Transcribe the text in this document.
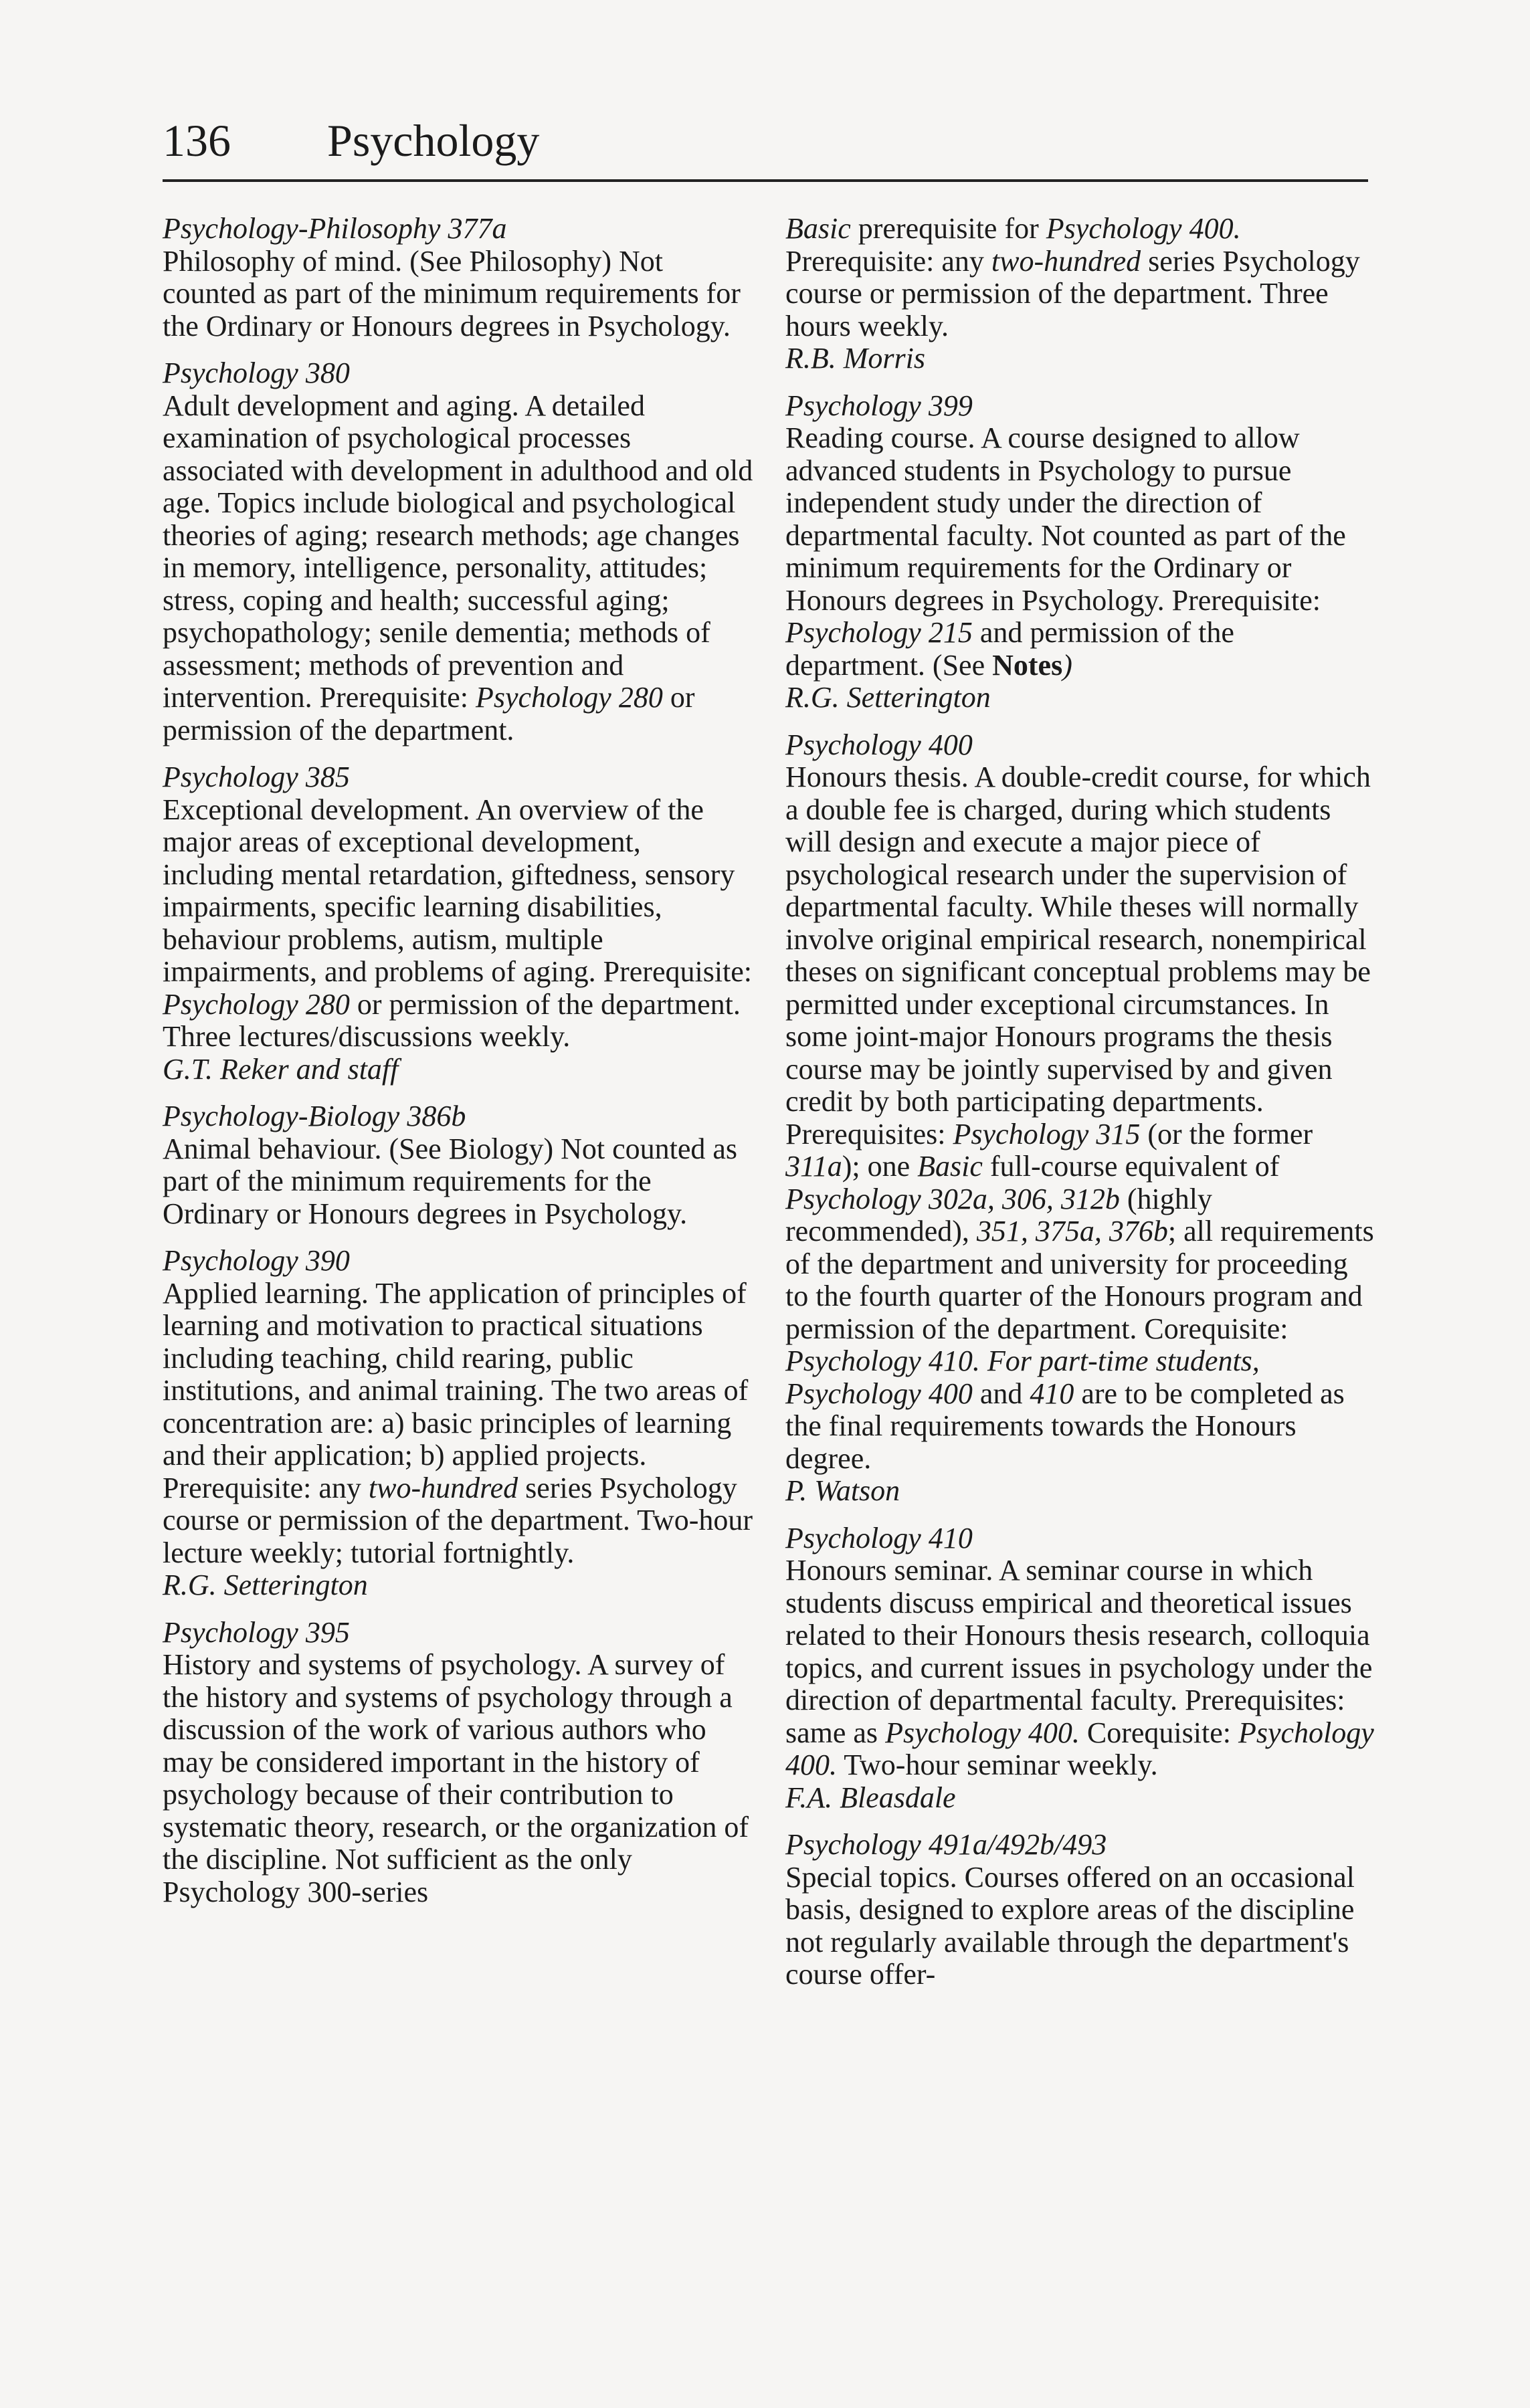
136 Psychology
Psychology-Philosophy 377a
Philosophy of mind. (See Philosophy) Not counted as part of the minimum requirements for the Ordinary or Honours degrees in Psychology.
Psychology 380
Adult development and aging. A detailed examination of psychological processes associated with development in adulthood and old age. Topics include biological and psychological theories of aging; research methods; age changes in memory, intelligence, personality, attitudes; stress, coping and health; successful aging; psychopathology; senile dementia; methods of assessment; methods of prevention and intervention. Prerequisite: Psychology 280 or permission of the department.
Psychology 385
Exceptional development. An overview of the major areas of exceptional development, including mental retardation, giftedness, sensory impairments, specific learning disabilities, behaviour problems, autism, multiple impairments, and problems of aging. Prerequisite: Psychology 280 or permission of the department. Three lectures/discussions weekly.
G.T. Reker and staff
Psychology-Biology 386b
Animal behaviour. (See Biology) Not counted as part of the minimum requirements for the Ordinary or Honours degrees in Psychology.
Psychology 390
Applied learning. The application of principles of learning and motivation to practical situations including teaching, child rearing, public institutions, and animal training. The two areas of concentration are: a) basic principles of learning and their application; b) applied projects. Prerequisite: any two-hundred series Psychology course or permission of the department. Two-hour lecture weekly; tutorial fortnightly.
R.G. Setterington
Psychology 395
History and systems of psychology. A survey of the history and systems of psychology through a discussion of the work of various authors who may be considered important in the history of psychology because of their contribution to systematic theory, research, or the organization of the discipline. Not sufficient as the only Psychology 300-series
Basic prerequisite for Psychology 400. Prerequisite: any two-hundred series Psychology course or permission of the department. Three hours weekly.
R.B. Morris
Psychology 399
Reading course. A course designed to allow advanced students in Psychology to pursue independent study under the direction of departmental faculty. Not counted as part of the minimum requirements for the Ordinary or Honours degrees in Psychology. Prerequisite: Psychology 215 and permission of the department. (See Notes)
R.G. Setterington
Psychology 400
Honours thesis. A double-credit course, for which a double fee is charged, during which students will design and execute a major piece of psychological research under the supervision of departmental faculty. While theses will normally involve original empirical research, nonempirical theses on significant conceptual problems may be permitted under exceptional circumstances. In some joint-major Honours programs the thesis course may be jointly supervised by and given credit by both participating departments. Prerequisites: Psychology 315 (or the former 311a); one Basic full-course equivalent of Psychology 302a, 306, 312b (highly recommended), 351, 375a, 376b; all requirements of the department and university for proceeding to the fourth quarter of the Honours program and permission of the department. Corequisite: Psychology 410. For part-time students, Psychology 400 and 410 are to be completed as the final requirements towards the Honours degree.
P. Watson
Psychology 410
Honours seminar. A seminar course in which students discuss empirical and theoretical issues related to their Honours thesis research, colloquia topics, and current issues in psychology under the direction of departmental faculty. Prerequisites: same as Psychology 400. Corequisite: Psychology 400. Two-hour seminar weekly.
F.A. Bleasdale
Psychology 491a/492b/493
Special topics. Courses offered on an occasional basis, designed to explore areas of the discipline not regularly available through the department's course offer-
